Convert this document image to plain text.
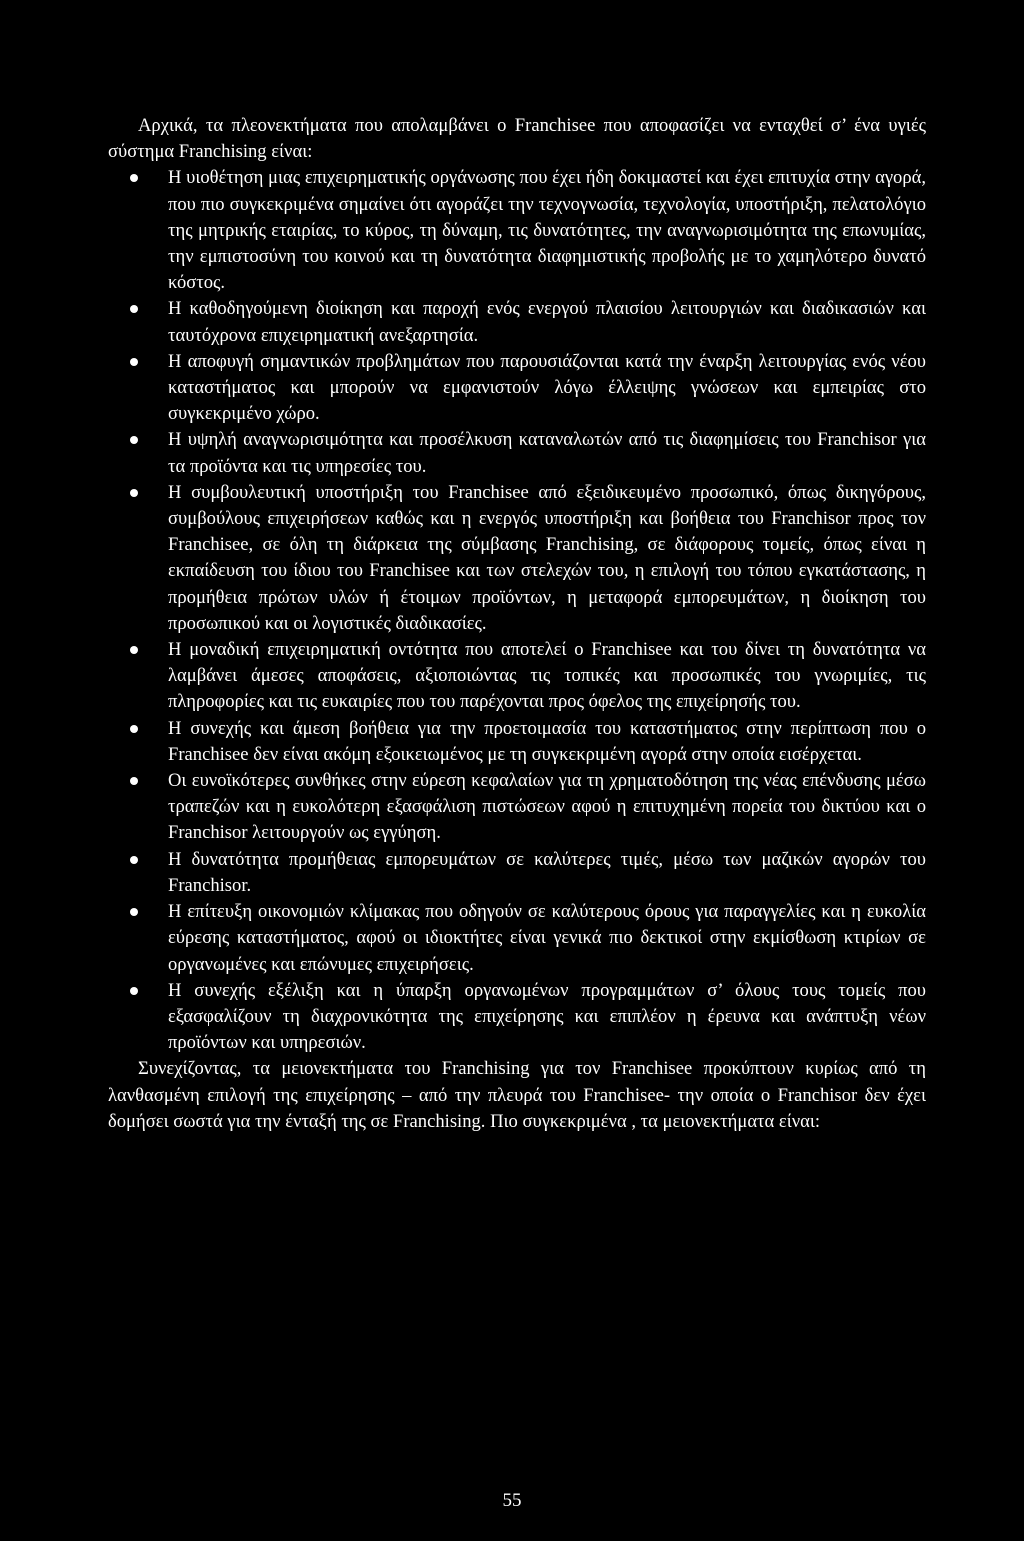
Αρχικά, τα πλεονεκτήματα που απολαμβάνει ο Franchisee που αποφασίζει να ενταχθεί σ’ ένα υγιές σύστημα Franchising είναι:

Η υιοθέτηση μιας επιχειρηματικής οργάνωσης που έχει ήδη δοκιμαστεί και έχει επιτυχία στην αγορά, που πιο συγκεκριμένα σημαίνει ότι αγοράζει την τεχνογνωσία, τεχνολογία, υποστήριξη, πελατολόγιο της μητρικής εταιρίας, το κύρος, τη δύναμη, τις δυνατότητες, την αναγνωρισιμότητα της επωνυμίας, την εμπιστοσύνη του κοινού και τη δυνατότητα διαφημιστικής προβολής με το χαμηλότερο δυνατό κόστος.
Η καθοδηγούμενη διοίκηση και παροχή ενός ενεργού πλαισίου λειτουργιών και διαδικασιών και ταυτόχρονα επιχειρηματική ανεξαρτησία.
Η αποφυγή σημαντικών προβλημάτων που παρουσιάζονται κατά την έναρξη λειτουργίας ενός νέου καταστήματος και μπορούν να εμφανιστούν λόγω έλλειψης γνώσεων και εμπειρίας στο συγκεκριμένο χώρο.
Η υψηλή αναγνωρισιμότητα και προσέλκυση καταναλωτών από τις διαφημίσεις του Franchisor για τα προϊόντα και τις υπηρεσίες του.
Η συμβουλευτική υποστήριξη του Franchisee από εξειδικευμένο προσωπικό, όπως δικηγόρους, συμβούλους επιχειρήσεων καθώς και η ενεργός υποστήριξη και βοήθεια του Franchisor προς τον Franchisee, σε όλη τη διάρκεια της σύμβασης Franchising, σε διάφορους τομείς, όπως είναι η εκπαίδευση του ίδιου του Franchisee και των στελεχών του, η επιλογή του τόπου εγκατάστασης, η προμήθεια πρώτων υλών ή έτοιμων προϊόντων, η μεταφορά εμπορευμάτων, η διοίκηση του προσωπικού και οι λογιστικές διαδικασίες.
Η μοναδική επιχειρηματική οντότητα που αποτελεί ο Franchisee και του δίνει τη δυνατότητα να λαμβάνει άμεσες αποφάσεις, αξιοποιώντας τις τοπικές και προσωπικές του γνωριμίες, τις πληροφορίες και τις ευκαιρίες που του παρέχονται προς όφελος της επιχείρησής του.
Η συνεχής και άμεση βοήθεια για την προετοιμασία του καταστήματος στην περίπτωση που ο Franchisee δεν είναι ακόμη εξοικειωμένος με τη συγκεκριμένη αγορά στην οποία εισέρχεται.
Οι ευνοϊκότερες συνθήκες στην εύρεση κεφαλαίων για τη χρηματοδότηση της νέας επένδυσης μέσω τραπεζών και η ευκολότερη εξασφάλιση πιστώσεων αφού η επιτυχημένη πορεία του δικτύου και ο Franchisor λειτουργούν ως εγγύηση.
Η δυνατότητα προμήθειας εμπορευμάτων σε καλύτερες τιμές, μέσω των μαζικών αγορών του Franchisor.
Η επίτευξη οικονομιών κλίμακας που οδηγούν σε καλύτερους όρους για παραγγελίες και η ευκολία εύρεσης καταστήματος, αφού οι ιδιοκτήτες είναι γενικά πιο δεκτικοί στην εκμίσθωση κτιρίων σε οργανωμένες και επώνυμες επιχειρήσεις.
Η συνεχής εξέλιξη και η ύπαρξη οργανωμένων προγραμμάτων σ’ όλους τους τομείς που εξασφαλίζουν τη διαχρονικότητα της επιχείρησης και επιπλέον η έρευνα και ανάπτυξη νέων προϊόντων και υπηρεσιών.

Συνεχίζοντας, τα μειονεκτήματα του Franchising για τον Franchisee προκύπτουν κυρίως από τη λανθασμένη επιλογή της επιχείρησης – από την πλευρά του Franchisee- την οποία ο Franchisor δεν έχει δομήσει σωστά για την ένταξή της σε Franchising. Πιο συγκεκριμένα , τα μειονεκτήματα είναι:

55
